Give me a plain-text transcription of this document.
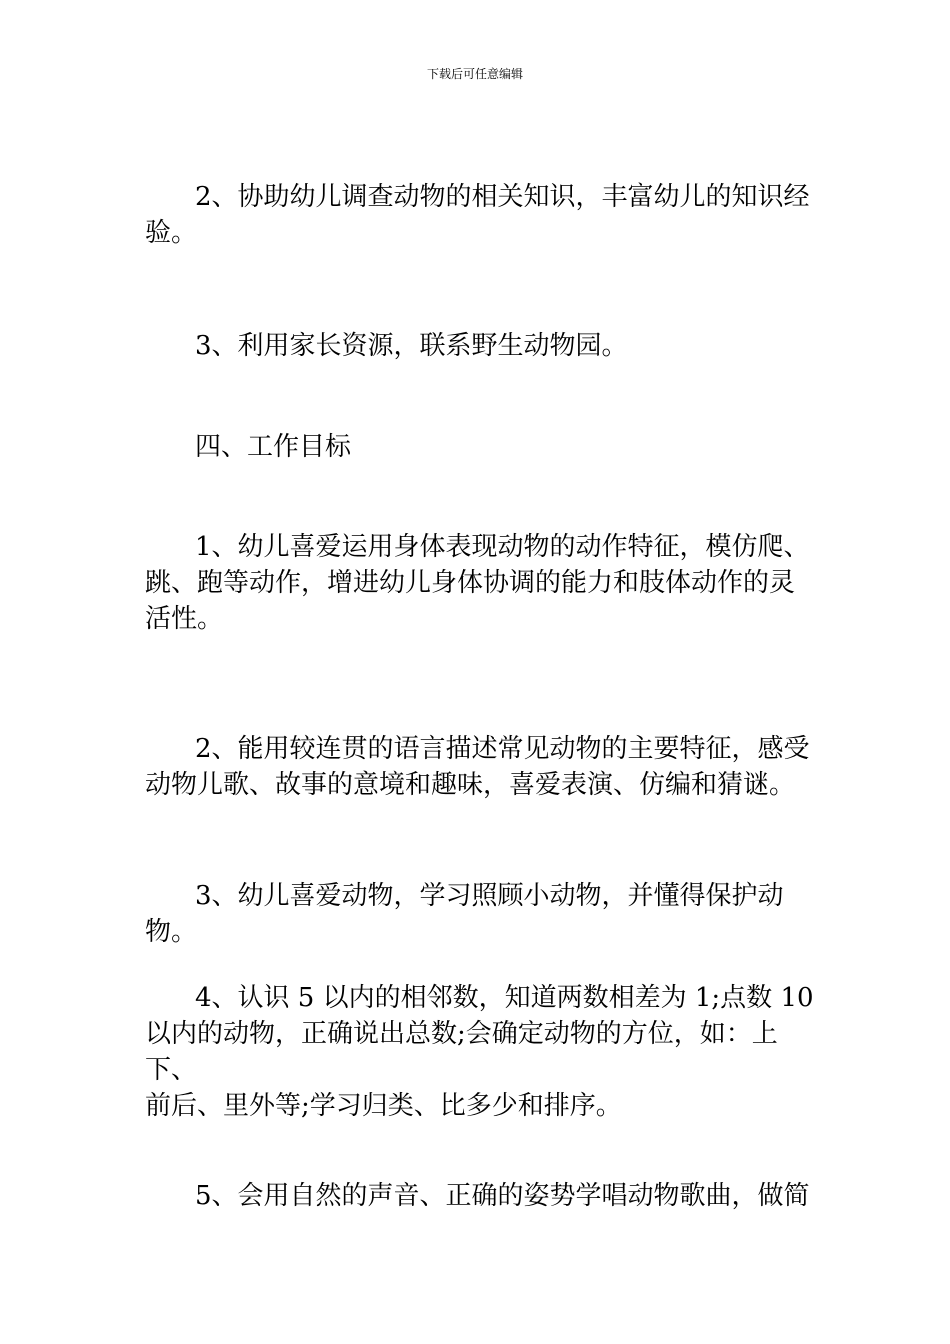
下载后可任意编辑
2、协助幼儿调查动物的相关知识，丰富幼儿的知识经
验。
3、利用家长资源，联系野生动物园。
四、工作目标
1、幼儿喜爱运用身体表现动物的动作特征，模仿爬、
跳、跑等动作，增进幼儿身体协调的能力和肢体动作的灵
活性。
2、能用较连贯的语言描述常见动物的主要特征，感受
动物儿歌、故事的意境和趣味，喜爱表演、仿编和猜谜。
3、幼儿喜爱动物，学习照顾小动物，并懂得保护动物。
4、认识 5 以内的相邻数，知道两数相差为 1;点数 10
以内的动物，正确说出总数;会确定动物的方位，如：上下、
前后、里外等;学习归类、比多少和排序。
5、会用自然的声音、正确的姿势学唱动物歌曲，做简
